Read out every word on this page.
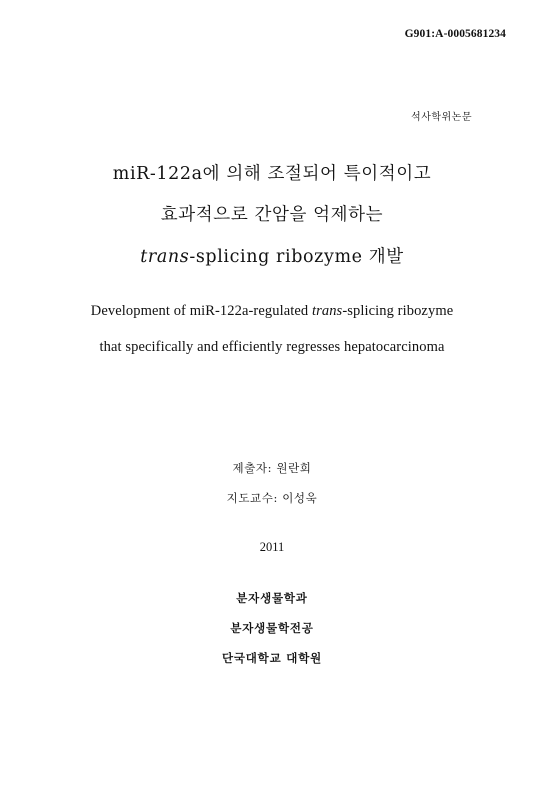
G901:A-0005681234
석사학위논문
miR-122a에 의해 조절되어 특이적이고
효과적으로 간암을 억제하는
trans-splicing ribozyme 개발
Development of miR-122a-regulated trans-splicing ribozyme
that specifically and efficiently regresses hepatocarcinoma
제출자: 원란희
지도교수: 이성욱
2011
분자생물학과
분자생물학전공
단국대학교 대학원
